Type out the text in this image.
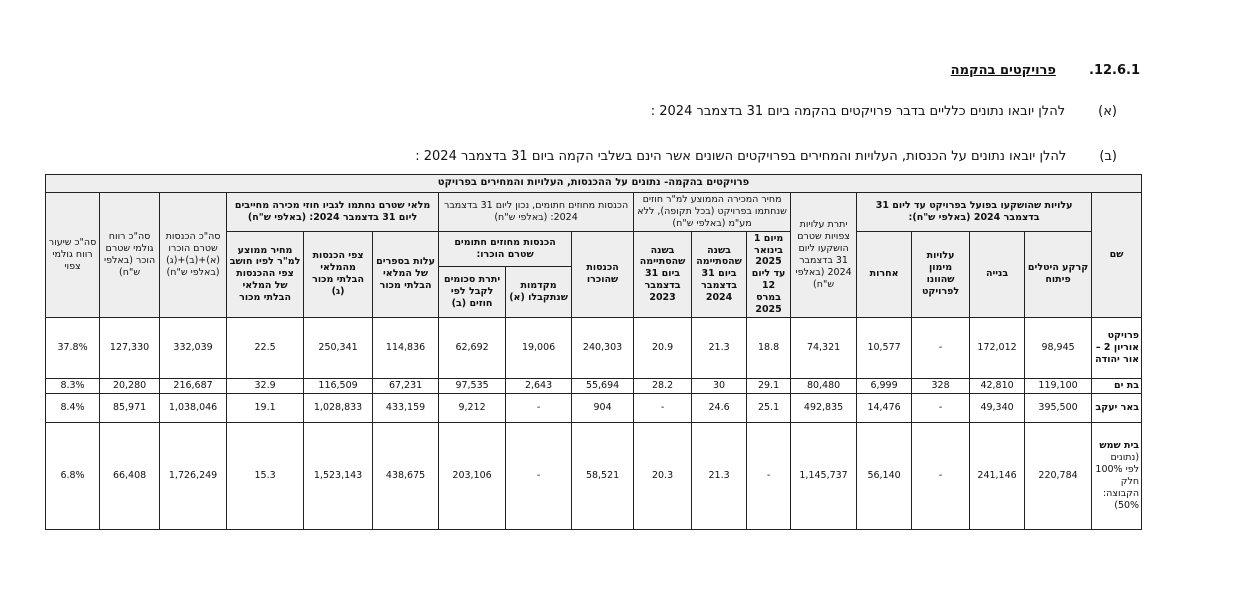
12.6.1.        פרויקטים בהקמה
(א)        להלן יובאו נתונים כלליים בדבר פרויקטים בהקמה ביום 31 בדצמבר 2024 :
(ב)        להלן יובאו נתונים על הכנסות, העלויות והמחירים בפרויקטים השונים אשר הינם בשלבי הקמה ביום 31 בדצמבר 2024 :
פרויקטים בהקמה- נתונים על ההכנסות, העלויות והמחירים בפרויקט																	
שם	עלויות שהושקעו בפועל בפרויקט עד ליום 31 בדצמבר 2024 (באלפי ש"ח):				יתרת עלויות צפויות שטרם הושקעו ליום 31 בדצמבר 2024 (באלפי ש"ח)	מחיר המכירה הממוצע למ"ר חוזים שנחתמו בפרויקט (בכל תקופה), ללא מע"מ (באלפי ש"ח)			הכנסות מחוזים חתומים, נכון ליום 31 בדצמבר 2024: (באלפי ש"ח)			מלאי שטרם נחתמו לגביו חוזי מכירה מחייבים ליום 31 בדצמבר 2024: (באלפי ש"ח)			סה"כ הכנסות שטרם הוכרו (א)+(ב)+(ג) (באלפי ש"ח)	סה"כ רווח גולמי שטרם הוכר (באלפי ש"ח)	סה"כ שיעור רווח גולמי צפוי
	קרקע היטלים פיתוח	בנייה	עלויות מימון שהוונו לפרויקט	אחרות		מיום 1 בינואר 2025 עד ליום 12 במרס 2025	בשנה שהסתיימה ביום 31 בדצמבר 2024	בשנה שהסתיימה ביום 31 בדצמבר 2023	הכנסות שהוכרו	הכנסות מחוזים חתומים שטרם הוכרו:		עלות בספרים של המלאי הבלתי מכור	צפי הכנסות מהמלאי הבלתי מכור (ג)	מחיר ממוצע למ"ר לפיו חושב צפי ההכנסות של המלאי הבלתי מכור			
										מקדמות שנתקבלו (א)	יתרת סכומים לקבל לפי חוזים (ב)						
פרויקט אוריון 2 – אור יהודה	98,945	172,012	-	10,577	74,321	18.8	21.3	20.9	240,303	19,006	62,692	114,836	250,341	22.5	332,039	127,330	37.8%
בת ים	119,100	42,810	328	6,999	80,480	29.1	30	28.2	55,694	2,643	97,535	67,231	116,509	32.9	216,687	20,280	8.3%
באר יעקב	395,500	49,340	-	14,476	492,835	25.1	24.6	-	904	-	9,212	433,159	1,028,833	19.1	1,038,046	85,971	8.4%
בית שמש (נתונים לפי 100% חלק הקבוצה: 50%)	220,784	241,146	-	56,140	1,145,737	-	21.3	20.3	58,521	-	203,106	438,675	1,523,143	15.3	1,726,249	66,408	6.8%
